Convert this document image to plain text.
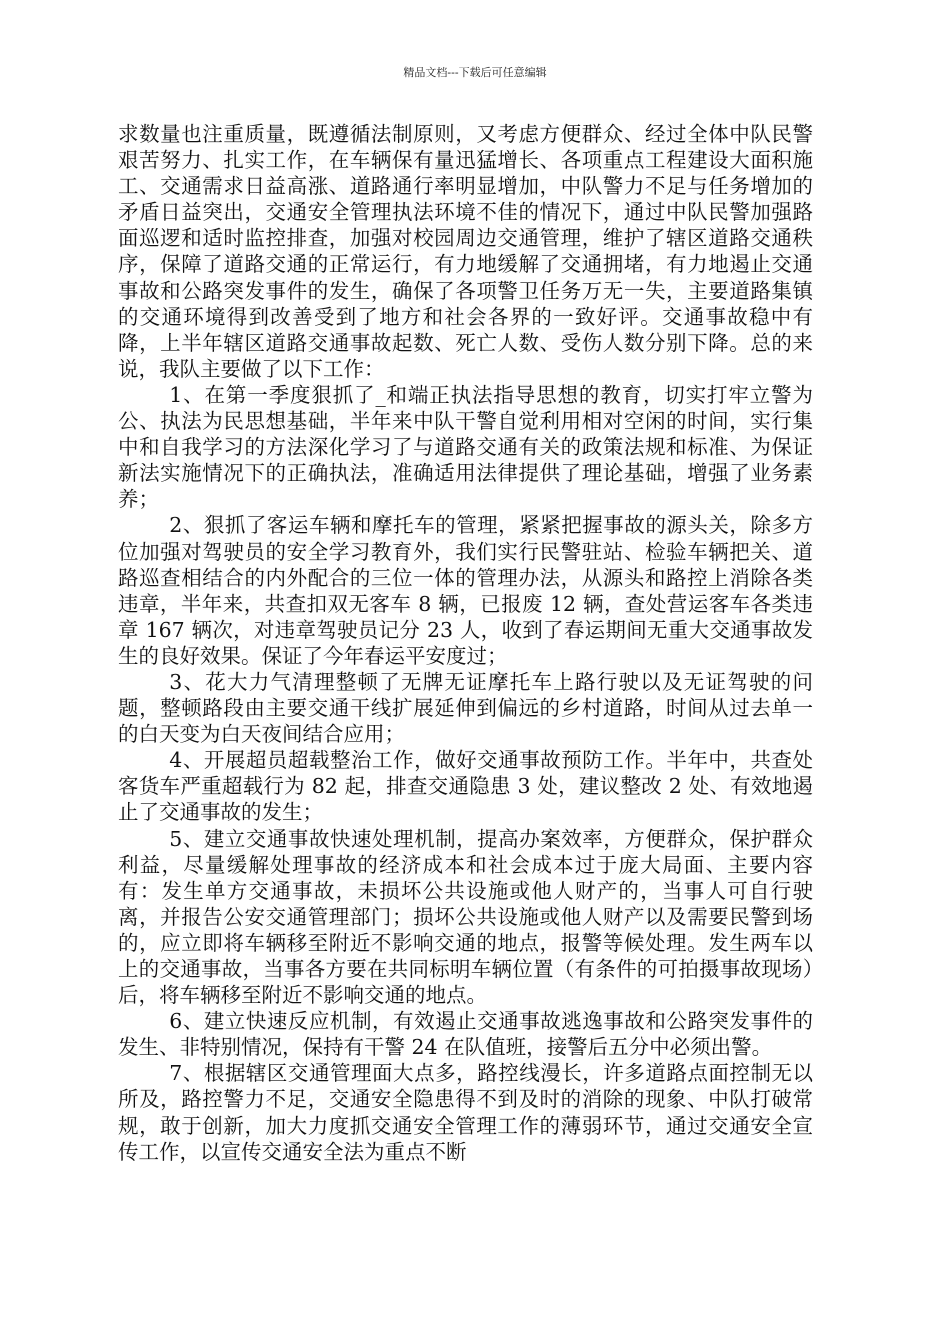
精品文档---下载后可任意编辑

求数量也注重质量，既遵循法制原则，又考虑方便群众、经过全体中队民警艰苦努力、扎实工作，在车辆保有量迅猛增长、各项重点工程建设大面积施工、交通需求日益高涨、道路通行率明显增加，中队警力不足与任务增加的矛盾日益突出，交通安全管理执法环境不佳的情况下，通过中队民警加强路面巡逻和适时监控排查，加强对校园周边交通管理，维护了辖区道路交通秩序，保障了道路交通的正常运行，有力地缓解了交通拥堵，有力地遏止交通事故和公路突发事件的发生，确保了各项警卫任务万无一失，主要道路集镇的交通环境得到改善受到了地方和社会各界的一致好评。交通事故稳中有降，上半年辖区道路交通事故起数、死亡人数、受伤人数分别下降。总的来说，我队主要做了以下工作：

1、在第一季度狠抓了_和端正执法指导思想的教育，切实打牢立警为公、执法为民思想基础，半年来中队干警自觉利用相对空闲的时间，实行集中和自我学习的方法深化学习了与道路交通有关的政策法规和标准、为保证新法实施情况下的正确执法，准确适用法律提供了理论基础，增强了业务素养；

2、狠抓了客运车辆和摩托车的管理，紧紧把握事故的源头关，除多方位加强对驾驶员的安全学习教育外，我们实行民警驻站、检验车辆把关、道路巡查相结合的内外配合的三位一体的管理办法，从源头和路控上消除各类违章，半年来，共查扣双无客车 8 辆，已报废 12 辆，查处营运客车各类违章 167 辆次，对违章驾驶员记分 23 人，收到了春运期间无重大交通事故发生的良好效果。保证了今年春运平安度过；

3、花大力气清理整顿了无牌无证摩托车上路行驶以及无证驾驶的问题，整顿路段由主要交通干线扩展延伸到偏远的乡村道路，时间从过去单一的白天变为白天夜间结合应用；

4、开展超员超载整治工作，做好交通事故预防工作。半年中，共查处客货车严重超载行为 82 起，排查交通隐患 3 处，建议整改 2 处、有效地遏止了交通事故的发生；

5、建立交通事故快速处理机制，提高办案效率，方便群众，保护群众利益，尽量缓解处理事故的经济成本和社会成本过于庞大局面、主要内容有：发生单方交通事故，未损坏公共设施或他人财产的，当事人可自行驶离，并报告公安交通管理部门；损坏公共设施或他人财产以及需要民警到场的，应立即将车辆移至附近不影响交通的地点，报警等候处理。发生两车以上的交通事故，当事各方要在共同标明车辆位置（有条件的可拍摄事故现场）后，将车辆移至附近不影响交通的地点。

6、建立快速反应机制，有效遏止交通事故逃逸事故和公路突发事件的发生、非特别情况，保持有干警 24 在队值班，接警后五分中必须出警。

7、根据辖区交通管理面大点多，路控线漫长，许多道路点面控制无以所及，路控警力不足，交通安全隐患得不到及时的消除的现象、中队打破常规，敢于创新，加大力度抓交通安全管理工作的薄弱环节，通过交通安全宣传工作，以宣传交通安全法为重点不断
